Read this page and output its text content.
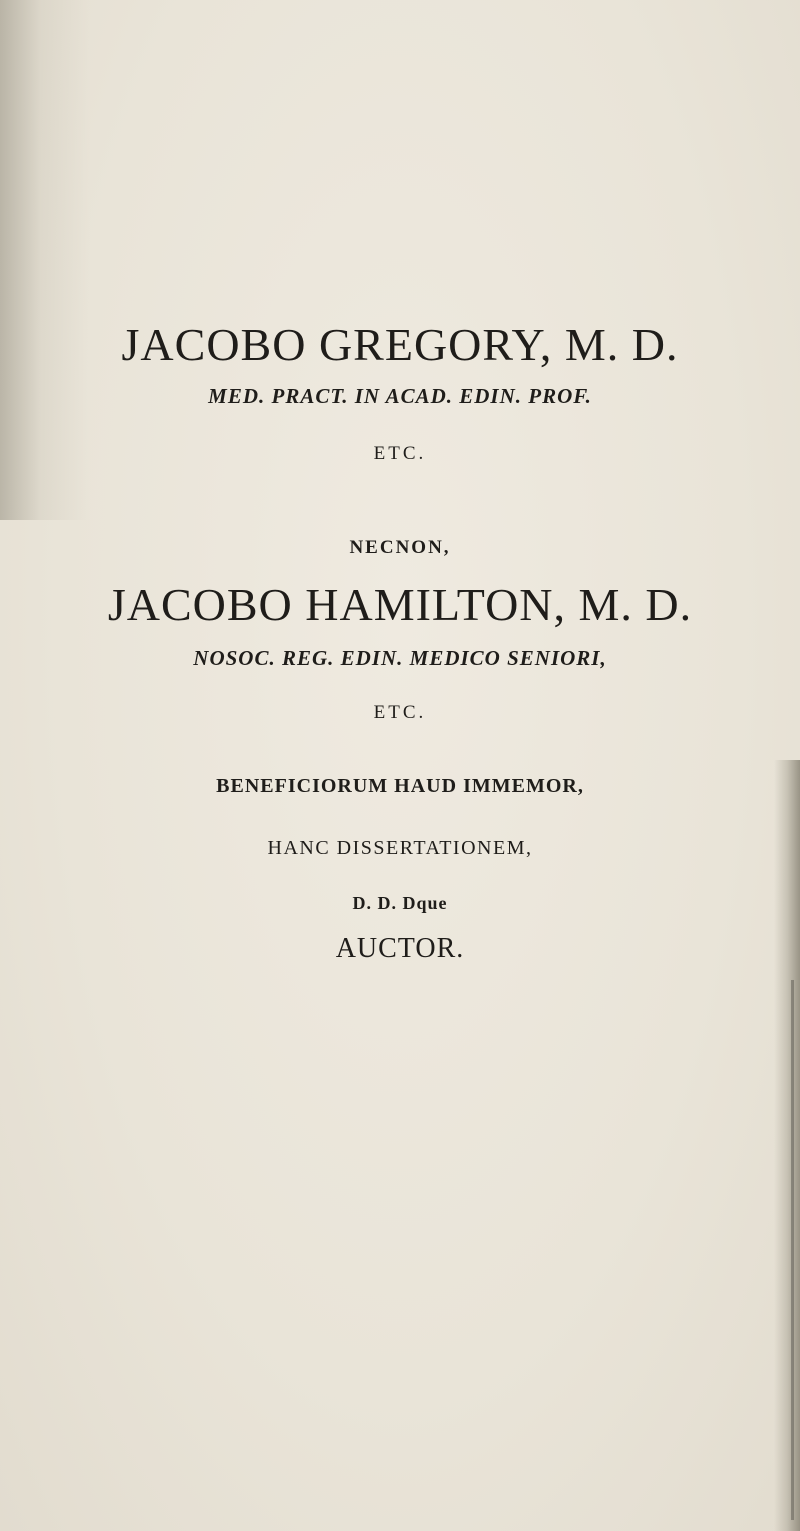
JACOBO GREGORY, M. D.
MED. PRACT. IN ACAD. EDIN. PROF.
ETC.
NECNON,
JACOBO HAMILTON, M. D.
NOSOC. REG. EDIN. MEDICO SENIORI,
ETC.
BENEFICIORUM HAUD IMMEMOR,
HANC DISSERTATIONEM,
D. D. Dque
AUCTOR.
